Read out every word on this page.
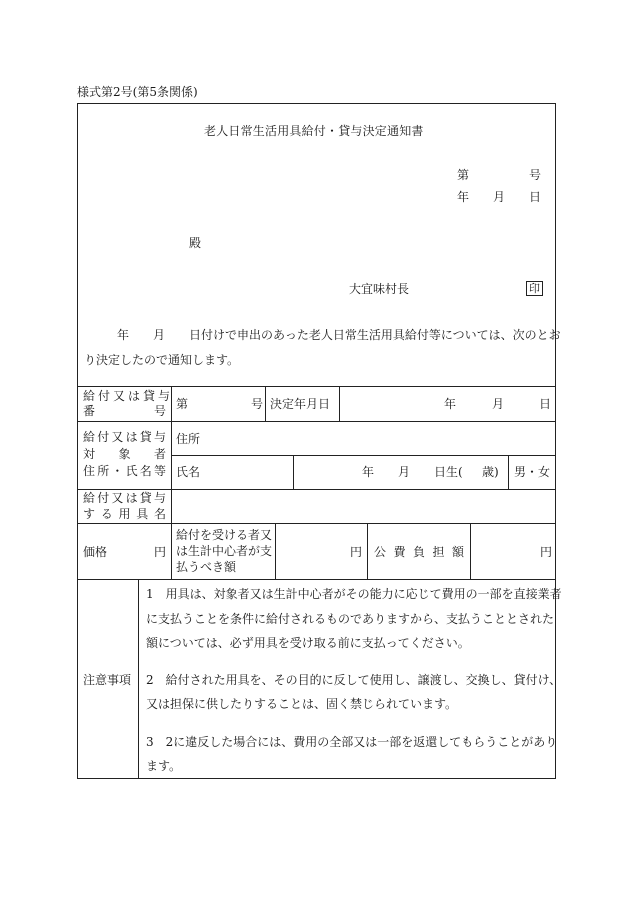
様式第2号(第5条関係)
老人日常生活用具給付・貸与決定通知書
第	号
年 月 日
殿
大宜味村長	印
年 月 日付けで申出のあった老人日常生活用具給付等については、次のとお
り決定したので通知します。
給付又は貸与
番号 第	号 決定年月日	年	月	日
給付又は貸与
対象者
住所・氏名等
住所
氏名	年 月 日生( 歳) 男・女
給付又は貸与
する用具名
価格	円
給付を受ける者又
は生計中心者が支
払うべき額
円 公費負担額	円
注意事項
1　用具は、対象者又は生計中心者がその能力に応じて費用の一部を直接業者
に支払うことを条件に給付されるものでありますから、支払うこととされた
額については、必ず用具を受け取る前に支払ってください。
2　給付された用具を、その目的に反して使用し、譲渡し、交換し、貸付け、
又は担保に供したりすることは、固く禁じられています。
3　2に違反した場合には、費用の全部又は一部を返還してもらうことがあり
ます。
